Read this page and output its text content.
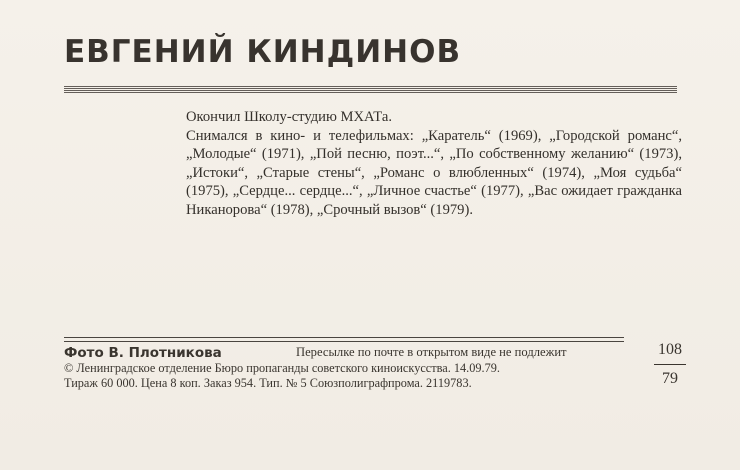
ЕВГЕНИЙ КИНДИНОВ

Окончил Школу-студию МХАТа.

Снимался в кино- и телефильмах: „Каратель“ (1969), „Городской романс“, „Молодые“ (1971), „Пой песню, поэт...“, „По собственному желанию“ (1973), „Истоки“, „Старые стены“, „Романс о влюбленных“ (1974), „Моя судьба“ (1975), „Сердце... сердце...“, „Личное счастье“ (1977), „Вас ожидает гражданка Никанорова“ (1978), „Срочный вызов“ (1979).

Фото В. Плотникова	Пересылке по почте в открытом виде не подлежит
© Ленинградское отделение Бюро пропаганды советского киноискусства. 14.09.79.
Тираж 60 000. Цена 8 коп. Заказ 954. Тип. № 5 Союзполиграфпрома. 2119783.
108
79
